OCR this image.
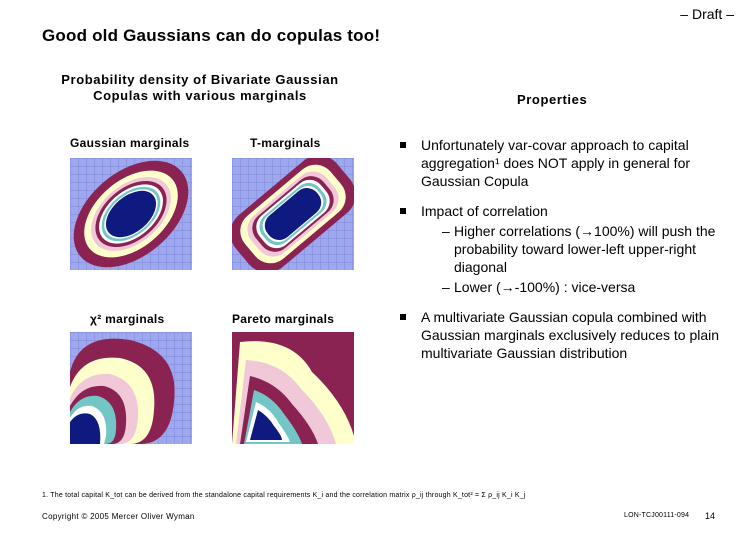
– Draft –
Good old Gaussians can do copulas too!
Probability density of Bivariate Gaussian
Copulas with various marginals	Properties
Gaussian marginals	T-marginals
χ² marginals	Pareto marginals
Unfortunately var-covar approach to capital aggregation¹ does NOT apply in general for Gaussian Copula
Impact of correlation
– Higher correlations (→100%) will push the probability toward lower-left upper-right diagonal
– Lower (→-100%) : vice-versa
A multivariate Gaussian copula combined with Gaussian marginals exclusively reduces to plain multivariate Gaussian distribution
1. The total capital K_tot can be derived from the standalone capital requirements K_i and the correlation matrix ρ_ij through K_tot² = Σ ρ_ij K_i K_j
Copyright © 2005 Mercer Oliver Wyman	LON-TCJ00111-094 14
